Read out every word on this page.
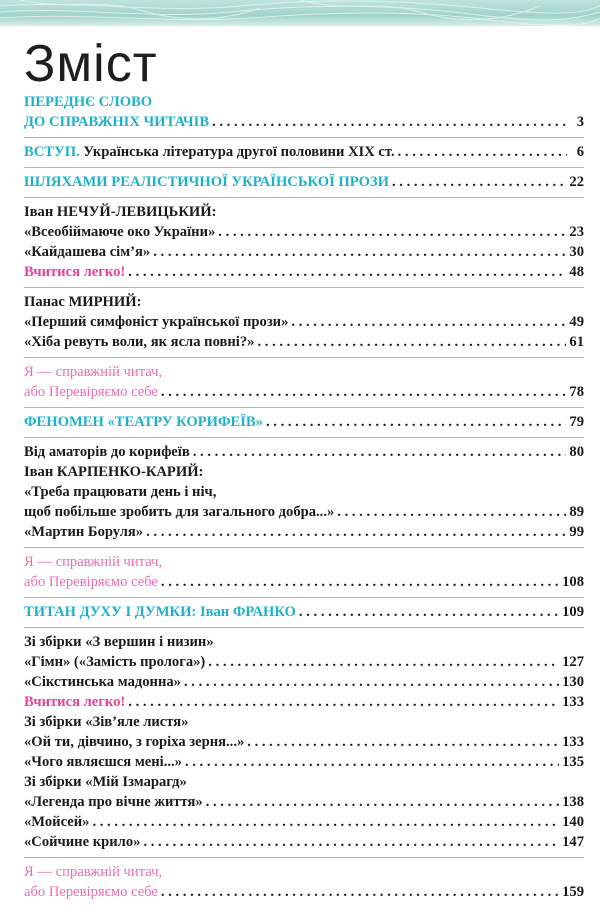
Зміст
ПЕРЕДНЄ СЛОВО
ДО СПРАВЖНІХ ЧИТАЧІВ . . .	3
ВСТУП. Українська література другої половини XIX ст. . . .	6
ШЛЯХАМИ РЕАЛІСТИЧНОЇ УКРАЇНСЬКОЇ ПРОЗИ . . .	22
Іван НЕЧУЙ-ЛЕВИЦЬКИЙ:
«Всеобіймаюче око України» . . .	23
«Кайдашева сім’я» . . .	30
Вчитися легко! . . .	48
Панас МИРНИЙ:
«Перший симфоніст української прози» . . .	49
«Хіба ревуть воли, як ясла повні?» . . .	61
Я — справжній читач,
або Перевіряємо себе . . .	78
ФЕНОМЕН «ТЕАТРУ КОРИФЕЇВ» . . .	79
Від аматорів до корифеїв . . .	80
Іван КАРПЕНКО-КАРИЙ:
«Треба працювати день і ніч,
щоб побільше зробить для загального добра...» . . .	89
«Мартин Боруля» . . .	99
Я — справжній читач,
або Перевіряємо себе . . .	108
ТИТАН ДУХУ І ДУМКИ: Іван ФРАНКО . . .	109
Зі збірки «З вершин і низин»
«Гімн» («Замість пролога») . . .	127
«Сікстинська мадонна» . . .	130
Вчитися легко! . . .	133
Зі збірки «Зів’яле листя»
«Ой ти, дівчино, з горіха зерня...» . . .	133
«Чого являєшся мені...» . . .	135
Зі збірки «Мій Ізмарагд»
«Легенда про вічне життя» . . .	138
«Мойсей» . . .	140
«Сойчине крило» . . .	147
Я — справжній читач,
або Перевіряємо себе . . .	159
